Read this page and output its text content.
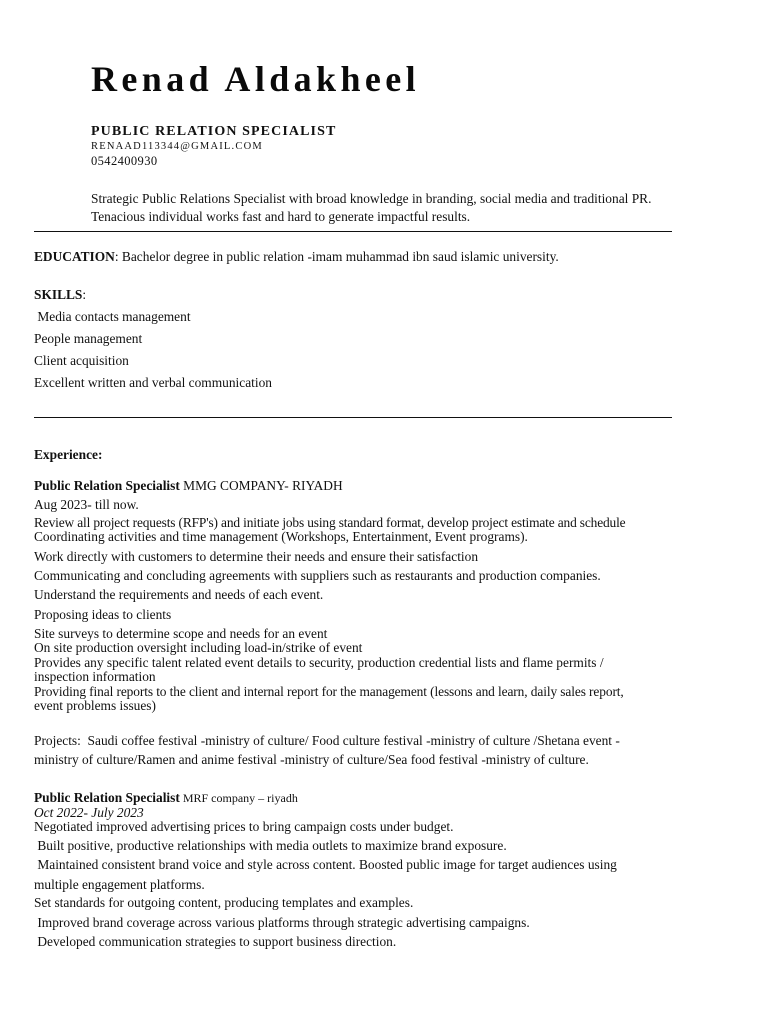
Renad Aldakheel
PUBLIC RELATION SPECIALIST
RENAAD113344@GMAIL.COM
0542400930
Strategic Public Relations Specialist with broad knowledge in branding, social media and traditional PR.
Tenacious individual works fast and hard to generate impactful results.
EDUCATION: Bachelor degree in public relation -imam muhammad ibn saud islamic university.
SKILLS:
Media contacts management
People management
Client acquisition
Excellent written and verbal communication
Experience:
Public Relation Specialist MMG COMPANY- RIYADH
Aug 2023- till now.
Review all project requests (RFP's) and initiate jobs using standard format, develop project estimate and schedule
Coordinating activities and time management (Workshops, Entertainment, Event programs).
Work directly with customers to determine their needs and ensure their satisfaction
Communicating and concluding agreements with suppliers such as restaurants and production companies.
Understand the requirements and needs of each event.
Proposing ideas to clients
Site surveys to determine scope and needs for an event
On site production oversight including load-in/strike of event
Provides any specific talent related event details to security, production credential lists and flame permits /
inspection information
Providing final reports to the client and internal report for the management (lessons and learn, daily sales report,
event problems issues)
Projects:  Saudi coffee festival -ministry of culture/ Food culture festival -ministry of culture /Shetana event -
ministry of culture/Ramen and anime festival -ministry of culture/Sea food festival -ministry of culture.
Public Relation Specialist MRF company – riyadh
Oct 2022- July 2023
Negotiated improved advertising prices to bring campaign costs under budget.
Built positive, productive relationships with media outlets to maximize brand exposure.
Maintained consistent brand voice and style across content. Boosted public image for target audiences using
multiple engagement platforms.
Set standards for outgoing content, producing templates and examples.
Improved brand coverage across various platforms through strategic advertising campaigns.
Developed communication strategies to support business direction.
